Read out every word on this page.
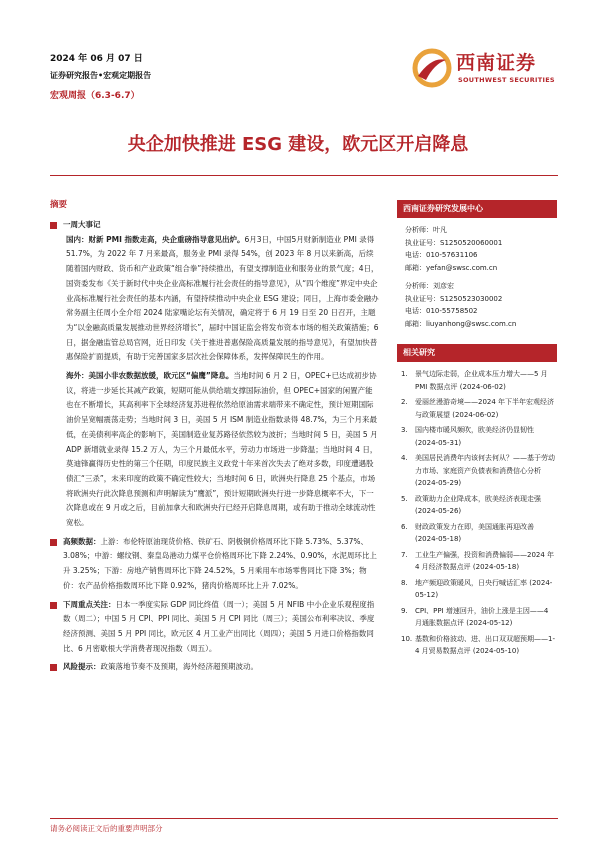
2024 年 06 月 07 日
证券研究报告•宏观定期报告
宏观周报（6.3-6.7）
西南证券
SOUTHWEST SECURITIES
央企加快推进 ESG 建设，欧元区开启降息
摘要
一周大事记

国内：财新 PMI 指数走高，央企重磅指导意见出炉。6月3日，中国5月财新制造业 PMI 录得 51.7%，为 2022 年 7 月来最高，服务业 PMI 录得 54%，创 2023 年 8 月以来新高，后续随着国内财政、货币和产业政策“组合拳”持续推出，有望支撑制造业和服务业的景气度；4日，国资委发布《关于新时代中央企业高标准履行社会责任的指导意见》，从“四个维度”界定中央企业高标准履行社会责任的基本内涵，有望持续推动中央企业 ESG 建设；同日，上海市委金融办常务副主任周小全介绍 2024 陆家嘴论坛有关情况，确定将于 6 月 19 日至 20 日召开，主题为“以金融高质量发展推动世界经济增长”，届时中国证监会将发布资本市场的相关政策措施；6 日，据金融监管总局官网，近日印发《关于推进普惠保险高质量发展的指导意见》，有望加快普惠保险扩面提质，有助于完善国家多层次社会保障体系，发挥保障民生的作用。

海外：美国小非农数据放缓，欧元区“偏鹰”降息。当地时间 6 月 2 日，OPEC+已达成初步协议，将进一步延长其减产政策，短期可能从供给端支撑国际油价，但 OPEC+国家的闲置产能也在不断增长，其高利率下全球经济复苏进程依然给原油需求端带来不确定性，预计短期国际油价呈宽幅震荡走势；当地时间 3 日，美国 5 月 ISM 制造业指数录得 48.7%，为三个月来最低，在美债利率高企的影响下，美国制造业复苏路径依然较为波折；当地时间 5 日，美国 5 月 ADP 新增就业录得 15.2 万人，为三个月最低水平，劳动力市场进一步降温；当地时间 4 日，莫迪锋赢得历史性的第三个任期，印度民族主义政党十年来首次失去了绝对多数，印度遭遇股债汇“三杀”，未来印度的政策不确定性较大；当地时间 6 日，欧洲央行降息 25 个基点，市场将欧洲央行此次降息预测和声明解读为“鹰派”，预计短期欧洲央行进一步降息概率不大，下一次降息或在 9 月或之后，目前加拿大和欧洲央行已经开启降息周期，或有助于推动全球流动性宽松。

高频数据：上游：布伦特原油现货价格、铁矿石、阴极铜价格周环比下降 5.73%、5.37%、3.08%；中游：螺纹钢、秦皇岛港动力煤平仓价格周环比下降 2.24%、0.90%，水泥周环比上升 3.25%；下游：房地产销售周环比下降 24.52%，5 月乘用车市场零售同比下降 3%；物价：农产品价格指数周环比下降 0.92%，猪肉价格周环比上升 7.02%。
下周重点关注：日本一季度实际 GDP 同比终值（周一）；美国 5 月 NFIB 中小企业乐观程度指数（周二）；中国 5 月 CPI、PPI 同比、美国 5 月 CPI 同比（周三）；美国公布利率决议、季度经济预测、美国 5 月 PPI 同比，欧元区 4 月工业产出同比（周四）；美国 5 月进口价格指数同比、6 月密歇根大学消费者现况指数（周五）。
风险提示：政策落地节奏不及预期，海外经济超预期波动。
西南证券研究发展中心
分析师：叶凡
执业证号：S1250520060001
电话：010-57631106
邮箱：yefan@swsc.com.cn
分析师：刘彦宏
执业证号：S1250523030002
电话：010-55758502
邮箱：liuyanhong@swsc.com.cn
相关研究
1.	景气边际走弱，企业成本压力增大——5 月 PMI 数据点评 (2024-06-02)
2.	爱丽丝漫游奇境——2024 年下半年宏观经济与政策展望 (2024-06-02)
3.	国内楼市暖风频吹，欧美经济仍显韧性 (2024-05-31)
4.	美国居民消费年内该何去何从？——基于劳动力市场、家庭资产负债表和消费信心分析 (2024-05-29)
5.	政策助力企业降成本，欧美经济表现走强 (2024-05-26)
6.	财政政策发力在即，美国通胀再迎改善 (2024-05-18)
7.	工业生产偏强，投资和消费偏弱——2024 年 4 月经济数据点评 (2024-05-18)
8.	地产频迎政策暖风，日央行喊话汇率 (2024-05-12)
9.	CPI、PPI 增速回升，油价上涨是主因——4 月通胀数据点评 (2024-05-12)
10. 基数和价格波动、进、出口双双超预期——1-4 月贸易数据点评 (2024-05-10)
请务必阅读正文后的重要声明部分
